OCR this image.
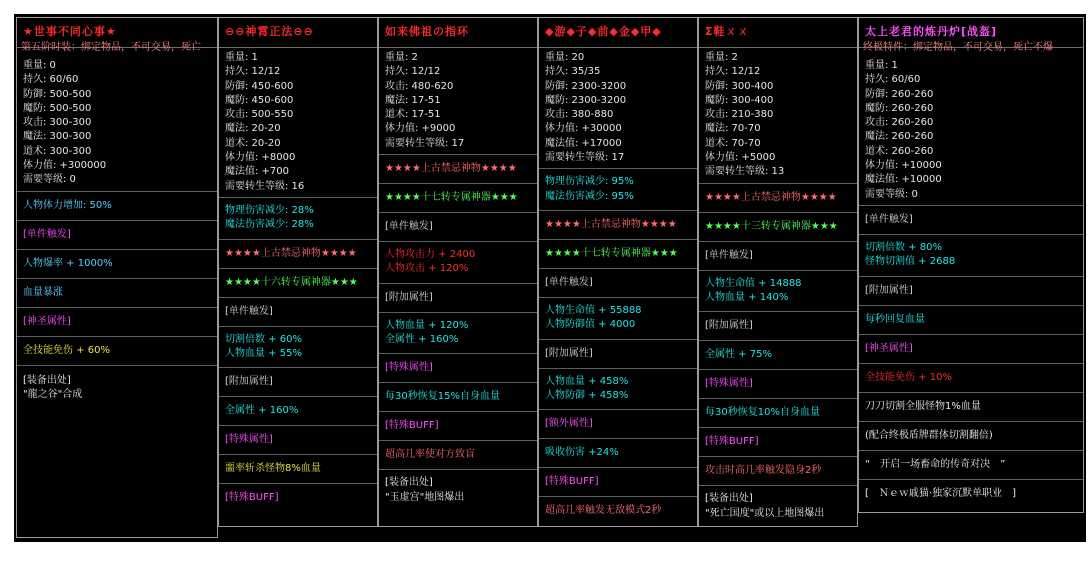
★世事不同心事★
第五阶时装：绑定物品，不可交易，死亡
重量: 0
持久: 60/60
防御: 500-500
魔防: 500-500
攻击: 300-300
魔法: 300-300
道术: 300-300
体力值: +300000
需要等级: 0
人物体力增加: 50%
[单件触发]
人物爆率 + 1000%
血量暴涨
[神圣属性]
全技能免伤 + 60%
[装备出处]
"龍之谷"合成
⊖⊖神霄正法⊖⊖
重量: 1
持久: 12/12
防御: 450-600
魔防: 450-600
攻击: 500-550
魔法: 20-20
道术: 20-20
体力值: +8000
魔法值: +700
需要转生等级: 16
物理伤害减少: 28%
魔法伤害减少: 28%
★★★★上古禁忌神物★★★★
★★★★十六转专属神器★★★
[单件触发]
切割倍数 + 60%
人物血量 + 55%
[附加属性]
全属性 + 160%
[特殊属性]
噩率斩杀怪物8%血量
[特殊BUFF]
如来佛祖の指环
重量: 2
持久: 12/12
攻击: 480-620
魔法: 17-51
道术: 17-51
体力值: +9000
需要转生等级: 17
★★★★上古禁忌神物★★★★
★★★★十七转专属神器★★★
[单件触发]
人物攻击力 + 2400
人物攻击 + 120%
[附加属性]
人物血量 + 120%
全属性 + 160%
[特殊属性]
每30秒恢复15%自身血量
[特殊BUFF]
超高几率使对方致盲
[装备出处]
"玉虚宫"地图爆出
◆游◆子◆前◆金◆甲◆
重量: 20
持久: 35/35
防御: 2300-3200
魔防: 2300-3200
攻击: 380-880
体力值: +30000
魔法值: +17000
需要转生等级: 17
物理伤害减少: 95%
魔法伤害减少: 95%
★★★★上古禁忌神物★★★★
★★★★十七转专属神器★★★
[单件触发]
人物生命值 + 55888
人物防御值 + 4000
[附加属性]
人物血量 + 458%
人物防御 + 458%
[额外属性]
吸收伤害 +24%
[特殊BUFF]
超高几率触发无敌模式2秒
Σ鞋ㄨㄨ
重量: 2
持久: 12/12
防御: 300-400
魔防: 300-400
攻击: 210-380
魔法: 70-70
道术: 70-70
体力值: +5000
需要转生等级: 13
★★★★上古禁忌神物★★★★
★★★★十三转专属神器★★★
[单件触发]
人物生命值 + 14888
人物血量 + 140%
[附加属性]
全属性 + 75%
[特殊属性]
每30秒恢复10%自身血量
[特殊BUFF]
攻击时高几率触发隐身2秒
[装备出处]
"死亡国度"或以上地图爆出
太上老君的炼丹炉[战盔]
终极特件：绑定物品，不可交易，死亡不爆
重量: 1
持久: 60/60
防御: 260-260
魔防: 260-260
攻击: 260-260
魔法: 260-260
道术: 260-260
体力值: +10000
魔法值: +10000
需要等级: 0
[单件触发]
切割倍数 + 80%
怪物切割值 + 2688
[附加属性]
每秒回复血量
[神圣属性]
全技能免伤 + 10%
刀刀切割全服怪物1%血量
(配合终极盾牌群体切割翻倍)
“　开启一场畜命的传奇对决　”
[　Ｎｅｗ戚猫·独家沉默单职业　]
